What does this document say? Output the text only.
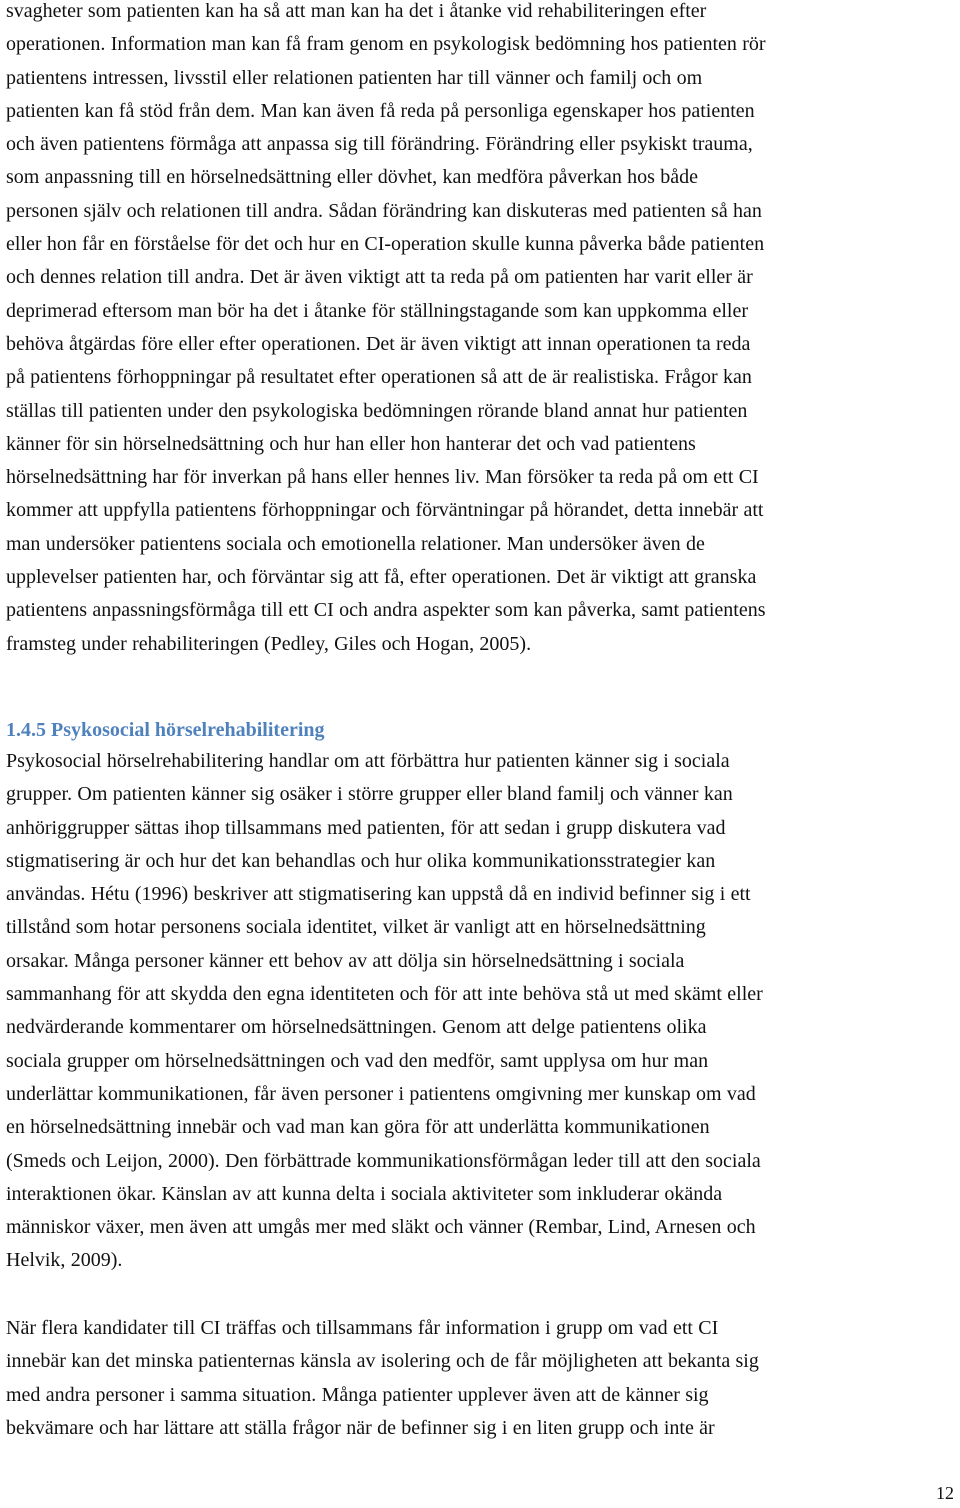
svagheter som patienten kan ha så att man kan ha det i åtanke vid rehabiliteringen efter
operationen. Information man kan få fram genom en psykologisk bedömning hos patienten rör
patientens intressen, livsstil eller relationen patienten har till vänner och familj och om
patienten kan få stöd från dem. Man kan även få reda på personliga egenskaper hos patienten
och även patientens förmåga att anpassa sig till förändring. Förändring eller psykiskt trauma,
som anpassning till en hörselnedsättning eller dövhet, kan medföra påverkan hos både
personen själv och relationen till andra. Sådan förändring kan diskuteras med patienten så han
eller hon får en förståelse för det och hur en CI-operation skulle kunna påverka både patienten
och dennes relation till andra. Det är även viktigt att ta reda på om patienten har varit eller är
deprimerad eftersom man bör ha det i åtanke för ställningstagande som kan uppkomma eller
behöva åtgärdas före eller efter operationen. Det är även viktigt att innan operationen ta reda
på patientens förhoppningar på resultatet efter operationen så att de är realistiska. Frågor kan
ställas till patienten under den psykologiska bedömningen rörande bland annat hur patienten
känner för sin hörselnedsättning och hur han eller hon hanterar det och vad patientens
hörselnedsättning har för inverkan på hans eller hennes liv. Man försöker ta reda på om ett CI
kommer att uppfylla patientens förhoppningar och förväntningar på hörandet, detta innebär att
man undersöker patientens sociala och emotionella relationer. Man undersöker även de
upplevelser patienten har, och förväntar sig att få, efter operationen. Det är viktigt att granska
patientens anpassningsförmåga till ett CI och andra aspekter som kan påverka, samt patientens
framsteg under rehabiliteringen (Pedley, Giles och Hogan, 2005).
1.4.5 Psykosocial hörselrehabilitering
Psykosocial hörselrehabilitering handlar om att förbättra hur patienten känner sig i sociala
grupper. Om patienten känner sig osäker i större grupper eller bland familj och vänner kan
anhöriggrupper sättas ihop tillsammans med patienten, för att sedan i grupp diskutera vad
stigmatisering är och hur det kan behandlas och hur olika kommunikationsstrategier kan
användas. Hétu (1996) beskriver att stigmatisering kan uppstå då en individ befinner sig i ett
tillstånd som hotar personens sociala identitet, vilket är vanligt att en hörselnedsättning
orsakar. Många personer känner ett behov av att dölja sin hörselnedsättning i sociala
sammanhang för att skydda den egna identiteten och för att inte behöva stå ut med skämt eller
nedvärderande kommentarer om hörselnedsättningen. Genom att delge patientens olika
sociala grupper om hörselnedsättningen och vad den medför, samt upplysa om hur man
underlättar kommunikationen, får även personer i patientens omgivning mer kunskap om vad
en hörselnedsättning innebär och vad man kan göra för att underlätta kommunikationen
(Smeds och Leijon, 2000). Den förbättrade kommunikationsförmågan leder till att den sociala
interaktionen ökar. Känslan av att kunna delta i sociala aktiviteter som inkluderar okända
människor växer, men även att umgås mer med släkt och vänner (Rembar, Lind, Arnesen och
Helvik, 2009).
När flera kandidater till CI träffas och tillsammans får information i grupp om vad ett CI
innebär kan det minska patienternas känsla av isolering och de får möjligheten att bekanta sig
med andra personer i samma situation. Många patienter upplever även att de känner sig
bekvämare och har lättare att ställa frågor när de befinner sig i en liten grupp och inte är
12
